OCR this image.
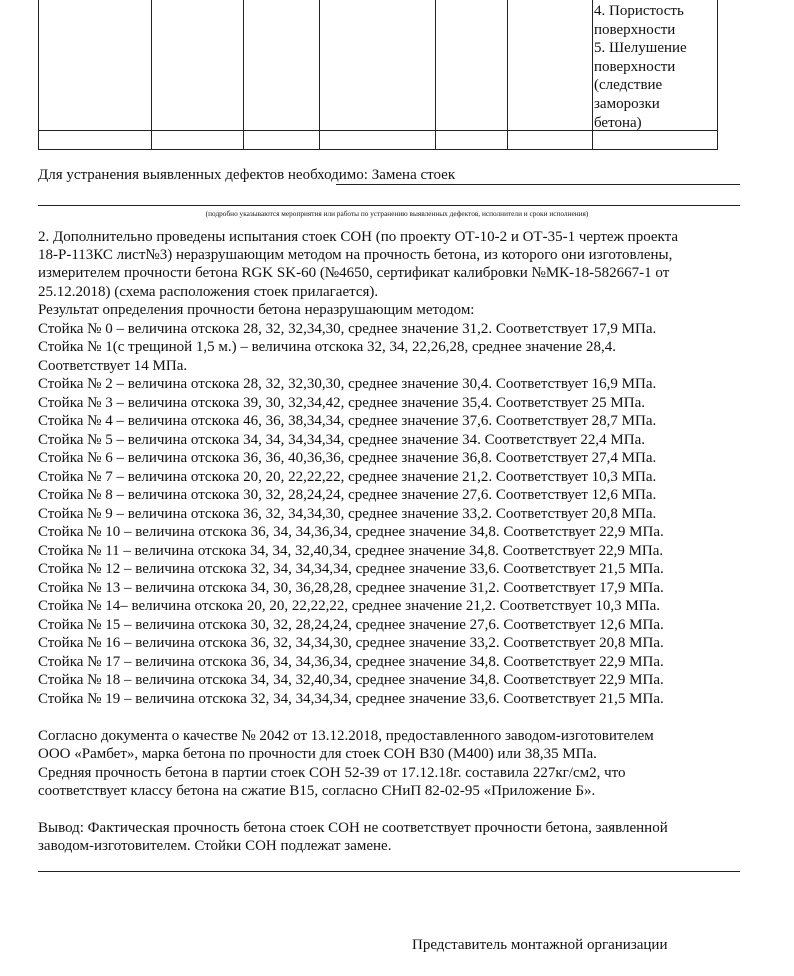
4. Пористость
поверхности
5. Шелушение
поверхности
(следствие
заморозки
бетона)
Для устранения выявленных дефектов необходимо: Замена стоек
(подробно указываются мероприятия или работы по устранению выявленных дефектов, исполнители и сроки исполнения)
2. Дополнительно проведены испытания стоек СОН (по проекту ОТ-10-2 и ОТ-35-1 чертеж проекта
18-Р-113КС лист№3) неразрушающим методом на прочность бетона, из которого они изготовлены,
измерителем прочности бетона RGK SK-60 (№4650, сертификат калибровки №МК-18-582667-1 от
25.12.2018) (схема расположения стоек прилагается).
Результат определения прочности бетона неразрушающим методом:
Стойка № 0 – величина отскока 28, 32, 32,34,30, среднее значение 31,2. Соответствует 17,9 МПа.
Стойка № 1(с трещиной 1,5 м.) – величина отскока 32, 34, 22,26,28, среднее значение 28,4.
Соответствует 14 МПа.
Стойка № 2 – величина отскока 28, 32, 32,30,30, среднее значение 30,4. Соответствует 16,9 МПа.
Стойка № 3 – величина отскока 39, 30, 32,34,42, среднее значение 35,4. Соответствует 25 МПа.
Стойка № 4 – величина отскока 46, 36, 38,34,34, среднее значение 37,6. Соответствует 28,7 МПа.
Стойка № 5 – величина отскока 34, 34, 34,34,34, среднее значение 34. Соответствует 22,4 МПа.
Стойка № 6 – величина отскока 36, 36, 40,36,36, среднее значение 36,8. Соответствует 27,4 МПа.
Стойка № 7 – величина отскока 20, 20, 22,22,22, среднее значение 21,2. Соответствует 10,3 МПа.
Стойка № 8 – величина отскока 30, 32, 28,24,24, среднее значение 27,6. Соответствует 12,6 МПа.
Стойка № 9 – величина отскока 36, 32, 34,34,30, среднее значение 33,2. Соответствует 20,8 МПа.
Стойка № 10 – величина отскока 36, 34, 34,36,34, среднее значение 34,8. Соответствует 22,9 МПа.
Стойка № 11 – величина отскока 34, 34, 32,40,34, среднее значение 34,8. Соответствует 22,9 МПа.
Стойка № 12 – величина отскока 32, 34, 34,34,34, среднее значение 33,6. Соответствует 21,5 МПа.
Стойка № 13 – величина отскока 34, 30, 36,28,28, среднее значение 31,2. Соответствует 17,9 МПа.
Стойка № 14– величина отскока 20, 20, 22,22,22, среднее значение 21,2. Соответствует 10,3 МПа.
Стойка № 15 – величина отскока 30, 32, 28,24,24, среднее значение 27,6. Соответствует 12,6 МПа.
Стойка № 16 – величина отскока 36, 32, 34,34,30, среднее значение 33,2. Соответствует 20,8 МПа.
Стойка № 17 – величина отскока 36, 34, 34,36,34, среднее значение 34,8. Соответствует 22,9 МПа.
Стойка № 18 – величина отскока 34, 34, 32,40,34, среднее значение 34,8. Соответствует 22,9 МПа.
Стойка № 19 – величина отскока 32, 34, 34,34,34, среднее значение 33,6. Соответствует 21,5 МПа.
Согласно документа о качестве № 2042 от 13.12.2018, предоставленного заводом-изготовителем
ООО «Рамбет», марка бетона по прочности для стоек СОН В30 (М400) или 38,35 МПа.
Средняя прочность бетона в партии стоек СОН 52-39 от 17.12.18г. составила 227кг/см2, что
соответствует классу бетона на сжатие В15, согласно СНиП 82-02-95 «Приложение Б».
Вывод: Фактическая прочность бетона стоек СОН не соответствует прочности бетона, заявленной
заводом-изготовителем. Стойки СОН подлежат замене.
Представитель монтажной организации
